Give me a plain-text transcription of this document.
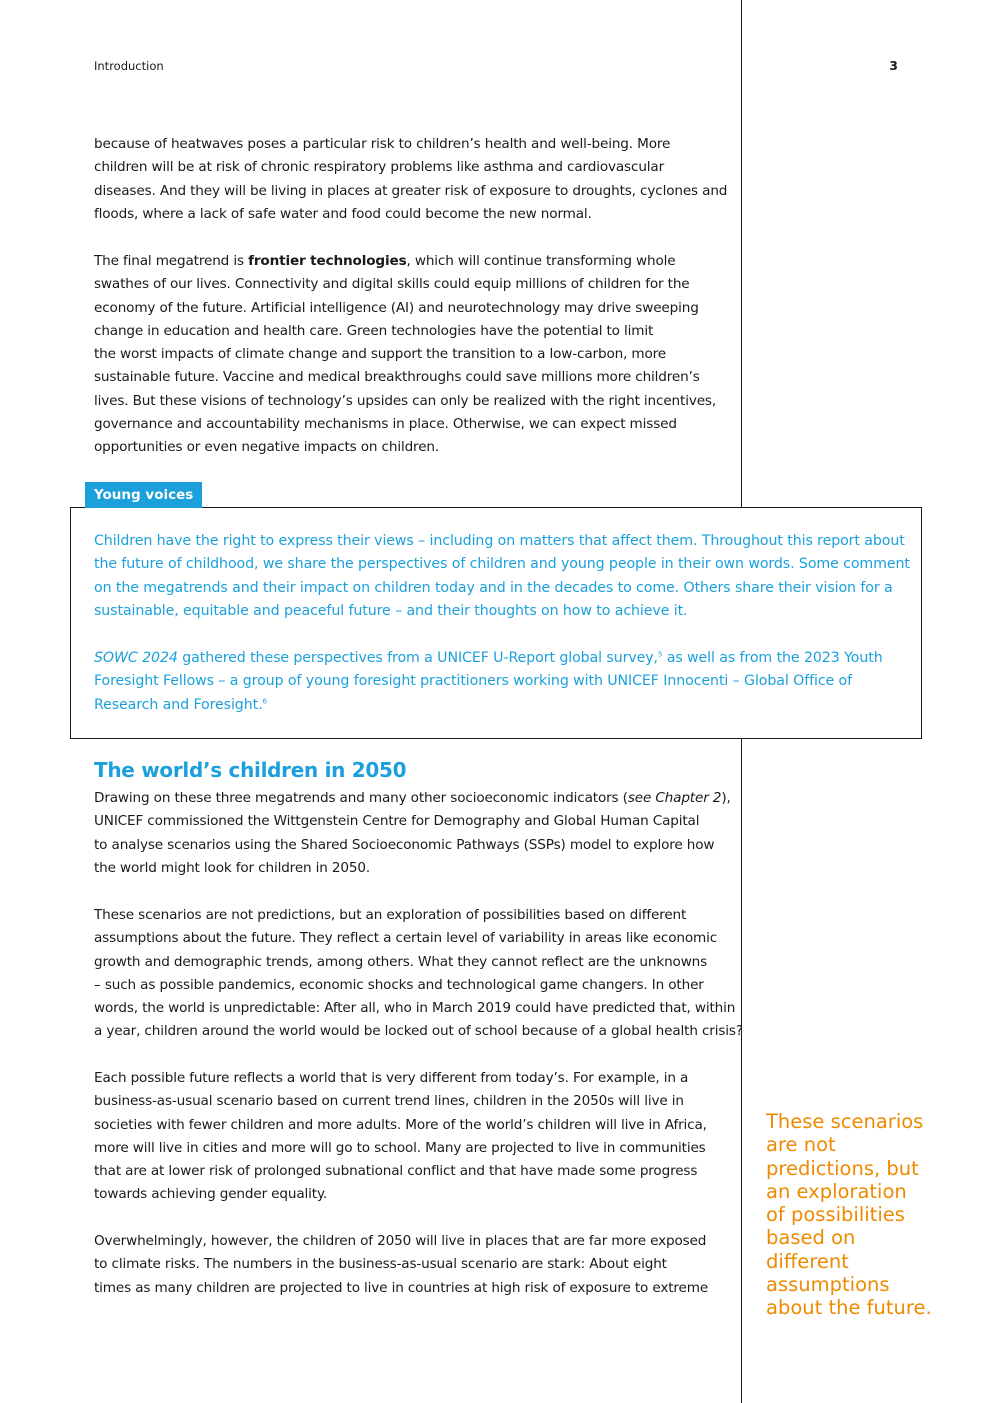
Introduction	3

because of heatwaves poses a particular risk to children’s health and well-being. More
children will be at risk of chronic respiratory problems like asthma and cardiovascular
diseases. And they will be living in places at greater risk of exposure to droughts, cyclones and
floods, where a lack of safe water and food could become the new normal.

The final megatrend is frontier technologies, which will continue transforming whole
swathes of our lives. Connectivity and digital skills could equip millions of children for the
economy of the future. Artificial intelligence (AI) and neurotechnology may drive sweeping
change in education and health care. Green technologies have the potential to limit
the worst impacts of climate change and support the transition to a low-carbon, more
sustainable future. Vaccine and medical breakthroughs could save millions more children’s
lives. But these visions of technology’s upsides can only be realized with the right incentives,
governance and accountability mechanisms in place. Otherwise, we can expect missed
opportunities or even negative impacts on children.

Young voices

Children have the right to express their views – including on matters that affect them. Throughout this report about
the future of childhood, we share the perspectives of children and young people in their own words. Some comment
on the megatrends and their impact on children today and in the decades to come. Others share their vision for a
sustainable, equitable and peaceful future – and their thoughts on how to achieve it.

SOWC 2024 gathered these perspectives from a UNICEF U-Report global survey,$^5$ as well as from the 2023 Youth
Foresight Fellows – a group of young foresight practitioners working with UNICEF Innocenti – Global Office of
Research and Foresight.$^6$

The world’s children in 2050

Drawing on these three megatrends and many other socioeconomic indicators (see Chapter 2),
UNICEF commissioned the Wittgenstein Centre for Demography and Global Human Capital
to analyse scenarios using the Shared Socioeconomic Pathways (SSPs) model to explore how
the world might look for children in 2050.

These scenarios are not predictions, but an exploration of possibilities based on different
assumptions about the future. They reflect a certain level of variability in areas like economic
growth and demographic trends, among others. What they cannot reflect are the unknowns
– such as possible pandemics, economic shocks and technological game changers. In other
words, the world is unpredictable: After all, who in March 2019 could have predicted that, within
a year, children around the world would be locked out of school because of a global health crisis?

Each possible future reflects a world that is very different from today’s. For example, in a
business-as-usual scenario based on current trend lines, children in the 2050s will live in
societies with fewer children and more adults. More of the world’s children will live in Africa,
more will live in cities and more will go to school. Many are projected to live in communities
that are at lower risk of prolonged subnational conflict and that have made some progress
towards achieving gender equality.

Overwhelmingly, however, the children of 2050 will live in places that are far more exposed
to climate risks. The numbers in the business-as-usual scenario are stark: About eight
times as many children are projected to live in countries at high risk of exposure to extreme

These scenarios
are not
predictions, but
an exploration
of possibilities
based on different
assumptions
about the future.
